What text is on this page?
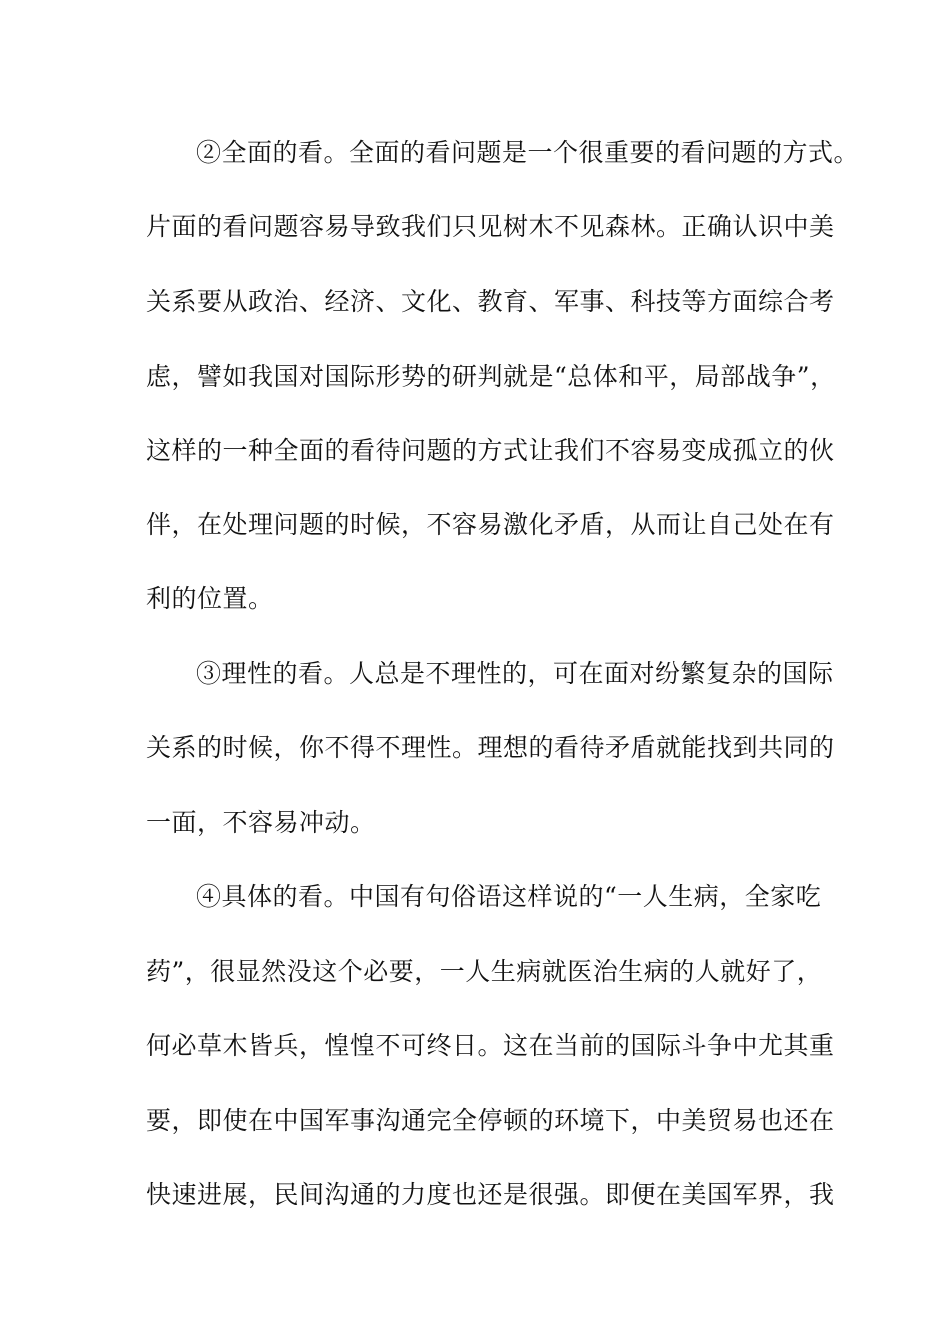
②全面的看。全面的看问题是一个很重要的看问题的方式。
片面的看问题容易导致我们只见树木不见森林。正确认识中美
关系要从政治、经济、文化、教育、军事、科技等方面综合考
虑，譬如我国对国际形势的研判就是“总体和平，局部战争”，
这样的一种全面的看待问题的方式让我们不容易变成孤立的伙
伴，在处理问题的时候，不容易激化矛盾，从而让自己处在有
利的位置。
③理性的看。人总是不理性的，可在面对纷繁复杂的国际
关系的时候，你不得不理性。理想的看待矛盾就能找到共同的
一面，不容易冲动。
④具体的看。中国有句俗语这样说的“一人生病，全家吃
药”，很显然没这个必要，一人生病就医治生病的人就好了，
何必草木皆兵，惶惶不可终日。这在当前的国际斗争中尤其重
要，即使在中国军事沟通完全停顿的环境下，中美贸易也还在
快速进展，民间沟通的力度也还是很强。即便在美国军界，我
